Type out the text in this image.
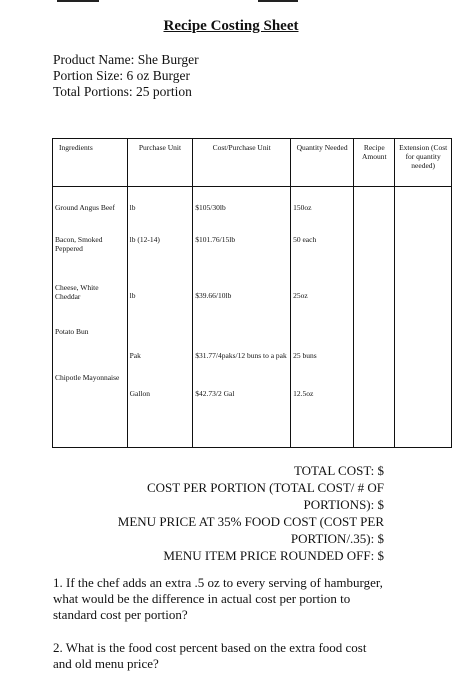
Recipe Costing Sheet
Product Name: She Burger
Portion Size: 6 oz Burger
Total Portions: 25 portion
Ingredients	Purchase Unit	Cost/Purchase Unit	Quantity Needed	Recipe Amount	Extension (Cost for quantity needed)
Ground Angus Beef	lb	$105/30lb	150oz		
Bacon, Smoked Peppered	lb (12-14)	$101.76/15lb	50 each		
Cheese, White Cheddar	lb	$39.66/10lb	25oz		
Potato Bun	Pak	$31.77/4paks/12 buns to a pak	25 buns		
Chipotle Mayonnaise	Gallon	$42.73/2 Gal	12.5oz		
TOTAL COST: $
COST PER PORTION (TOTAL COST/ # OF
PORTIONS): $
MENU PRICE AT 35% FOOD COST (COST PER
PORTION/.35): $
MENU ITEM PRICE ROUNDED OFF: $
1. If the chef adds an extra .5 oz to every serving of hamburger, what would be the difference in actual cost per portion to standard cost per portion?
2. What is the food cost percent based on the extra food cost and old menu price?
